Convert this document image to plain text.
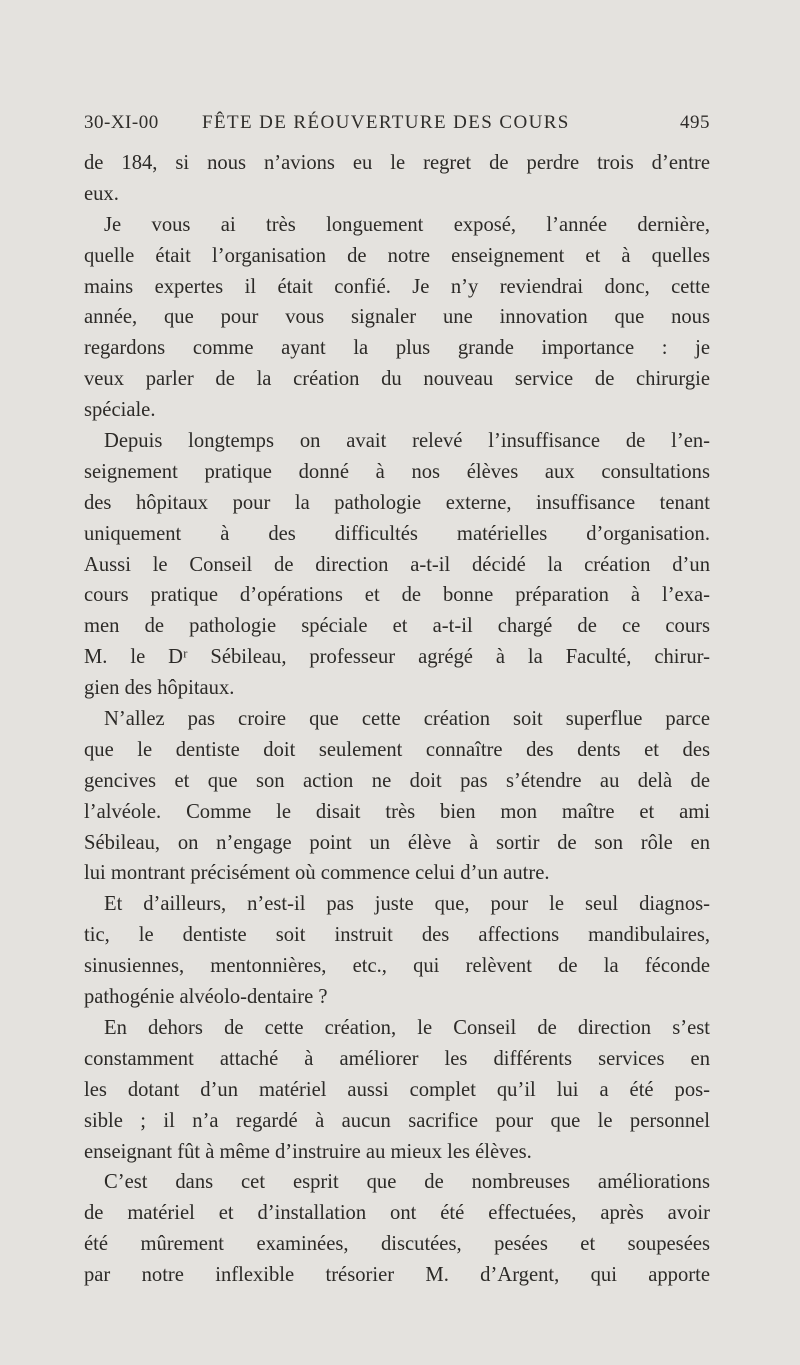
30-XI-00 FÊTE DE RÉOUVERTURE DES COURS	495
de 184, si nous n’avions eu le regret de perdre trois d’entre
eux.
Je vous ai très longuement exposé, l’année dernière,
quelle était l’organisation de notre enseignement et à quelles
mains expertes il était confié. Je n’y reviendrai donc, cette
année, que pour vous signaler une innovation que nous
regardons comme ayant la plus grande importance : je
veux parler de la création du nouveau service de chirurgie
spéciale.
Depuis longtemps on avait relevé l’insuffisance de l’en-
seignement pratique donné à nos élèves aux consultations
des hôpitaux pour la pathologie externe, insuffisance tenant
uniquement à des difficultés matérielles d’organisation.
Aussi le Conseil de direction a-t-il décidé la création d’un
cours pratique d’opérations et de bonne préparation à l’exa-
men de pathologie spéciale et a-t-il chargé de ce cours
M. le Dʳ Sébileau, professeur agrégé à la Faculté, chirur-
gien des hôpitaux.
N’allez pas croire que cette création soit superflue parce
que le dentiste doit seulement connaître des dents et des
gencives et que son action ne doit pas s’étendre au delà de
l’alvéole. Comme le disait très bien mon maître et ami
Sébileau, on n’engage point un élève à sortir de son rôle en
lui montrant précisément où commence celui d’un autre.
Et d’ailleurs, n’est-il pas juste que, pour le seul diagnos-
tic, le dentiste soit instruit des affections mandibulaires,
sinusiennes, mentonnières, etc., qui relèvent de la féconde
pathogénie alvéolo-dentaire ?
En dehors de cette création, le Conseil de direction s’est
constamment attaché à améliorer les différents services en
les dotant d’un matériel aussi complet qu’il lui a été pos-
sible ; il n’a regardé à aucun sacrifice pour que le personnel
enseignant fût à même d’instruire au mieux les élèves.
C’est dans cet esprit que de nombreuses améliorations
de matériel et d’installation ont été effectuées, après avoir
été mûrement examinées, discutées, pesées et soupesées
par notre inflexible trésorier M. d’Argent, qui apporte
